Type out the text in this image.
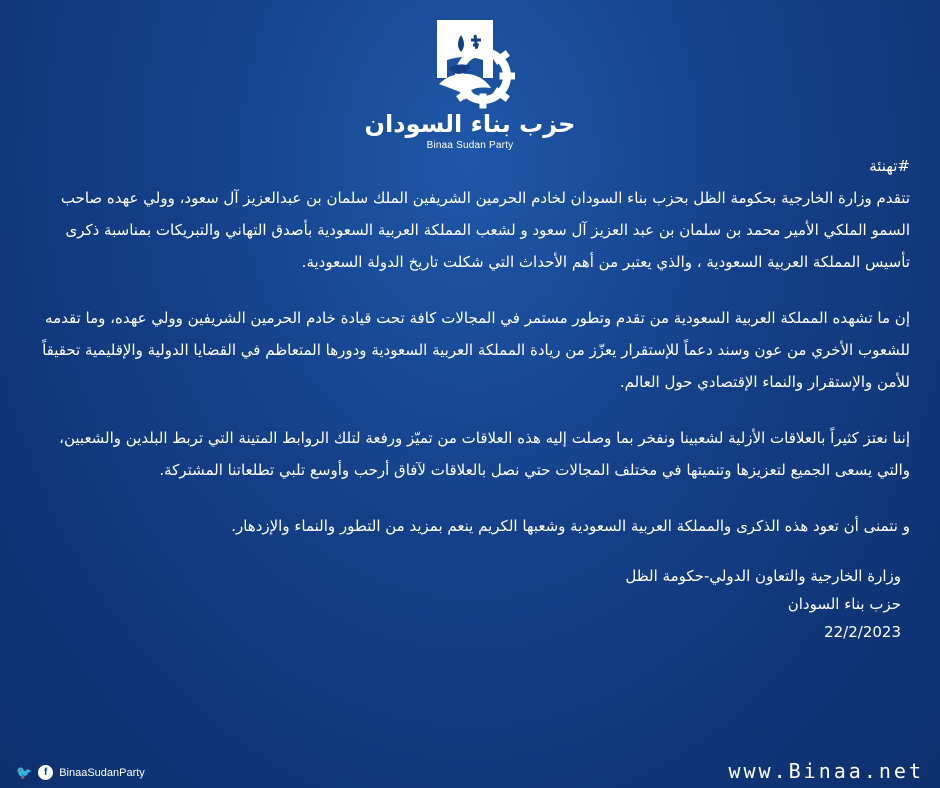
حزب بناء السودان
Binaa Sudan Party

#تهنئة

تتقدم وزارة الخارجية بحكومة الظل بحزب بناء السودان لخادم الحرمين الشريفين الملك سلمان بن عبدالعزيز آل سعود، وولي عهده صاحب السمو الملكي الأمير محمد بن سلمان بن عبد العزيز آل سعود و لشعب المملكة العربية السعودية بأصدق التهاني والتبريكات بمناسبة ذكرى تأسيس المملكة العربية السعودية ، والذي يعتبر من أهم الأحداث التي شكلت تاريخ الدولة السعودية.

إن ما تشهده المملكة العربية السعودية من تقدم وتطور مستمر في المجالات كافة تحت قيادة خادم الحرمين الشريفين وولي عهده، وما تقدمه للشعوب الأخري من عون وسند دعماً للإستقرار يعزّز من ريادة المملكة العربية السعودية ودورها المتعاظم في القضايا الدولية والإقليمية تحقيقاً للأمن والإستقرار والنماء الإقتصادي حول العالم.

إننا نعتز كثيراً بالعلاقات الأزلية لشعبينا ونفخر بما وصلت إليه هذه العلاقات من تميّز ورفعة لتلك الروابط المتينة التي تربط البلدين والشعبين، والتي يسعى الجميع لتعزيزها وتنميتها في مختلف المجالات حتي نصل بالعلاقات لآفاق أرحب وأوسع تلبي تطلعاتنا المشتركة.

و نتمنى أن تعود هذه الذكرى والمملكة العربية السعودية وشعبها الكريم ينعم بمزيد من التطور والنماء والإزدهار.

وزارة الخارجية والتعاون الدولي-حكومة الظل
حزب بناء السودان
22/2/2023
🐦	f	BinaaSudanParty	www.Binaa.net
